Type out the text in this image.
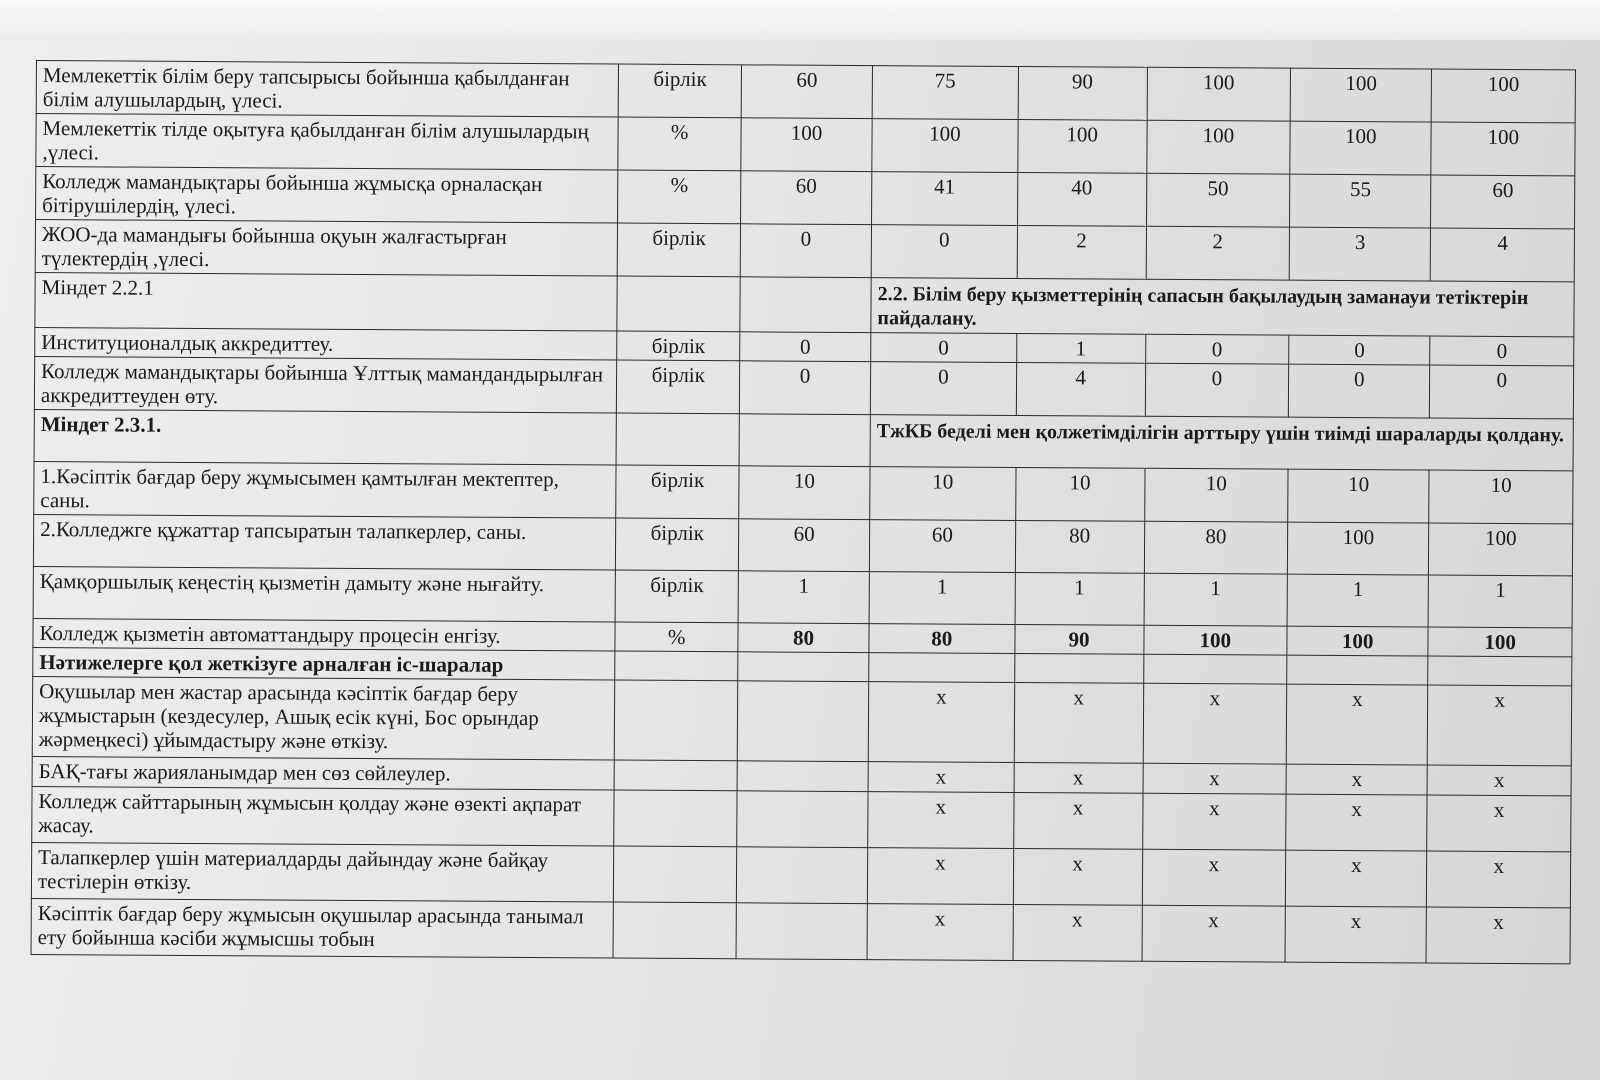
Мемлекеттік білім беру тапсырысы бойынша қабылданған білім алушылардың, үлесі.	бірлік	60	75	90	100	100	100
Мемлекеттік тілде оқытуға қабылданған білім алушылардың ,үлесі.	%	100	100	100	100	100	100
Колледж мамандықтары бойынша жұмысқа орналасқан бітірушілердің, үлесі.	%	60	41	40	50	55	60
ЖОО-да мамандығы бойынша оқуын жалғастырған түлектердің ,үлесі.	бірлік	0	0	2	2	3	4
Міндет 2.2.1			2.2. Білім беру қызметтерінің сапасын бақылаудың заманауи тетіктерін пайдалану.				
Институционалдық аккредиттеу.	бірлік	0	0	1	0	0	0
Колледж мамандықтары бойынша Ұлттық мамандандырылған аккредиттеуден өту.	бірлік	0	0	4	0	0	0
Міндет 2.3.1.			ТжКБ беделі мен қолжетімділігін арттыру үшін тиімді шараларды қолдану.				
1.Кәсіптік бағдар беру жұмысымен қамтылған мектептер, саны.	бірлік	10	10	10	10	10	10
2.Колледжге құжаттар тапсыратын талапкерлер, саны.	бірлік	60	60	80	80	100	100
Қамқоршылық кеңестің қызметін дамыту және нығайту.	бірлік	1	1	1	1	1	1
Колледж қызметін автоматтандыру процесін енгізу.	%	80	80	90	100	100	100
Нәтижелерге қол жеткізуге арналған іс-шаралар							
Оқушылар мен жастар арасында кәсіптік бағдар беру жұмыстарын (кездесулер, Ашық есік күні, Бос орындар жәрмеңкесі) ұйымдастыру және өткізу.			х	х	х	х	х
БАҚ-тағы жарияланымдар мен сөз сөйлеулер.			х	х	х	х	х
Колледж сайттарының жұмысын қолдау және өзекті ақпарат жасау.			х	х	х	х	х
Талапкерлер үшін материалдарды дайындау және байқау тестілерін өткізу.			х	х	х	х	х
Кәсіптік бағдар беру жұмысын оқушылар арасында танымал ету бойынша кәсіби жұмысшы тобын			х	х	х	х	х
